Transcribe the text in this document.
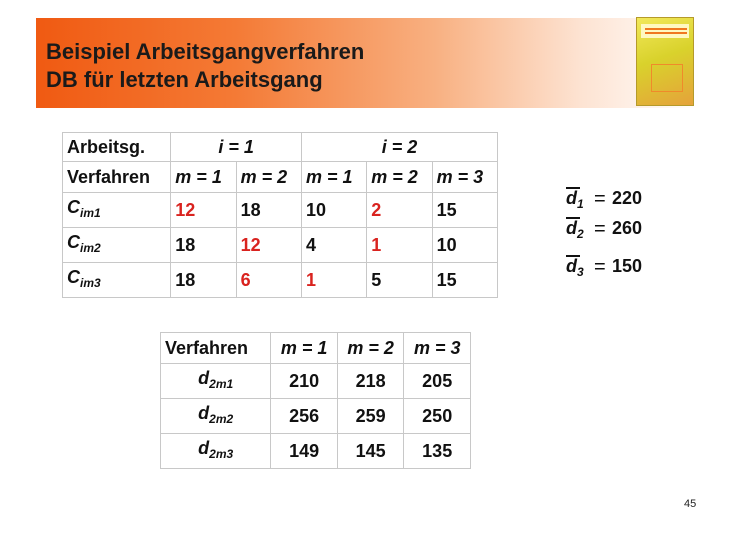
Beispiel Arbeitsgangverfahren
DB für letzten Arbeitsgang
Arbeitsg.	i = 1		i = 2		
Verfahren	m = 1	m = 2	m = 1	m = 2	m = 3
$C_{im1}$	12	18	10	2	15
$C_{im2}$	18	12	4	1	10
$C_{im3}$	18	6	1	5	15
$d_1 = 220$
$d_2 = 260$
$d_3 = 150$
Verfahren	m = 1	m = 2	m = 3
$d_{2m1}$	210	218	205
$d_{2m2}$	256	259	250
$d_{2m3}$	149	145	135
45
